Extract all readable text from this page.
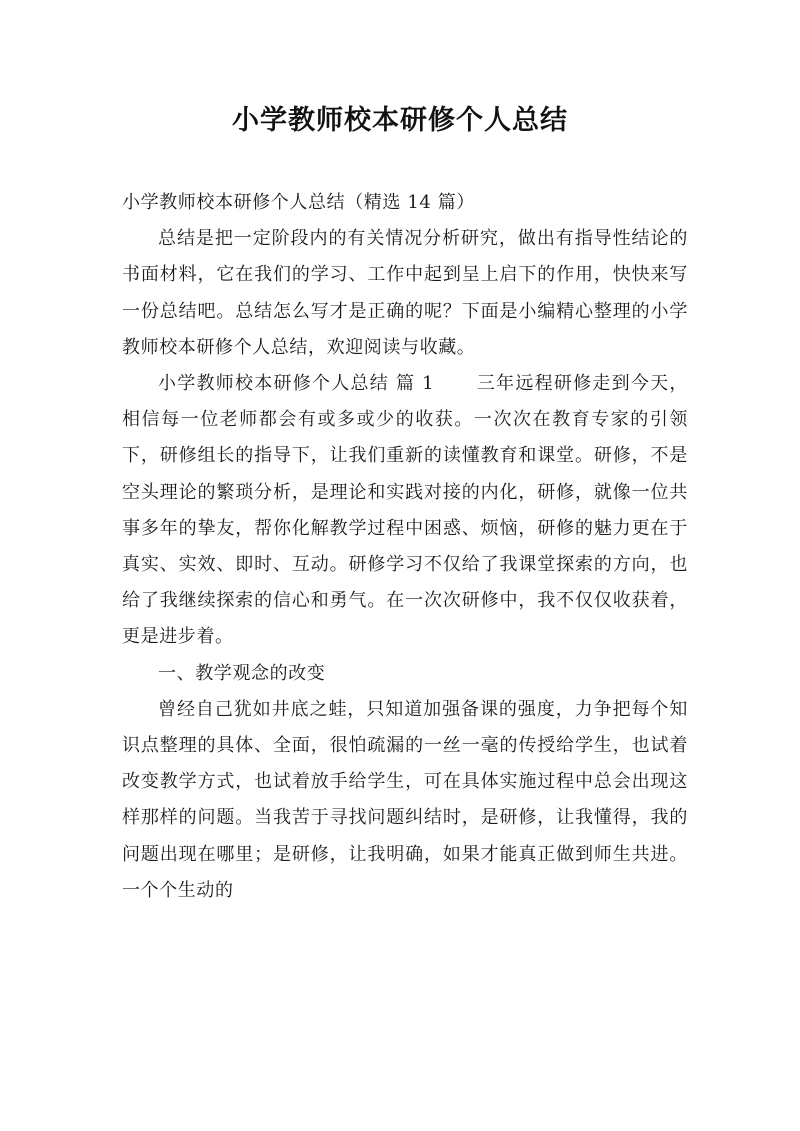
小学教师校本研修个人总结

小学教师校本研修个人总结（精选 14 篇）

总结是把一定阶段内的有关情况分析研究，做出有指导性结论的书面材料，它在我们的学习、工作中起到呈上启下的作用，快快来写一份总结吧。总结怎么写才是正确的呢？下面是小编精心整理的小学教师校本研修个人总结，欢迎阅读与收藏。

小学教师校本研修个人总结 篇 1 三年远程研修走到今天，相信每一位老师都会有或多或少的收获。一次次在教育专家的引领下，研修组长的指导下，让我们重新的读懂教育和课堂。研修，不是空头理论的繁琐分析，是理论和实践对接的内化，研修，就像一位共事多年的挚友，帮你化解教学过程中困惑、烦恼，研修的魅力更在于真实、实效、即时、互动。研修学习不仅给了我课堂探索的方向，也给了我继续探索的信心和勇气。在一次次研修中，我不仅仅收获着，更是进步着。

一、教学观念的改变

曾经自己犹如井底之蛙，只知道加强备课的强度，力争把每个知识点整理的具体、全面，很怕疏漏的一丝一毫的传授给学生，也试着改变教学方式，也试着放手给学生，可在具体实施过程中总会出现这样那样的问题。当我苦于寻找问题纠结时，是研修，让我懂得，我的问题出现在哪里；是研修，让我明确，如果才能真正做到师生共进。一个个生动的
